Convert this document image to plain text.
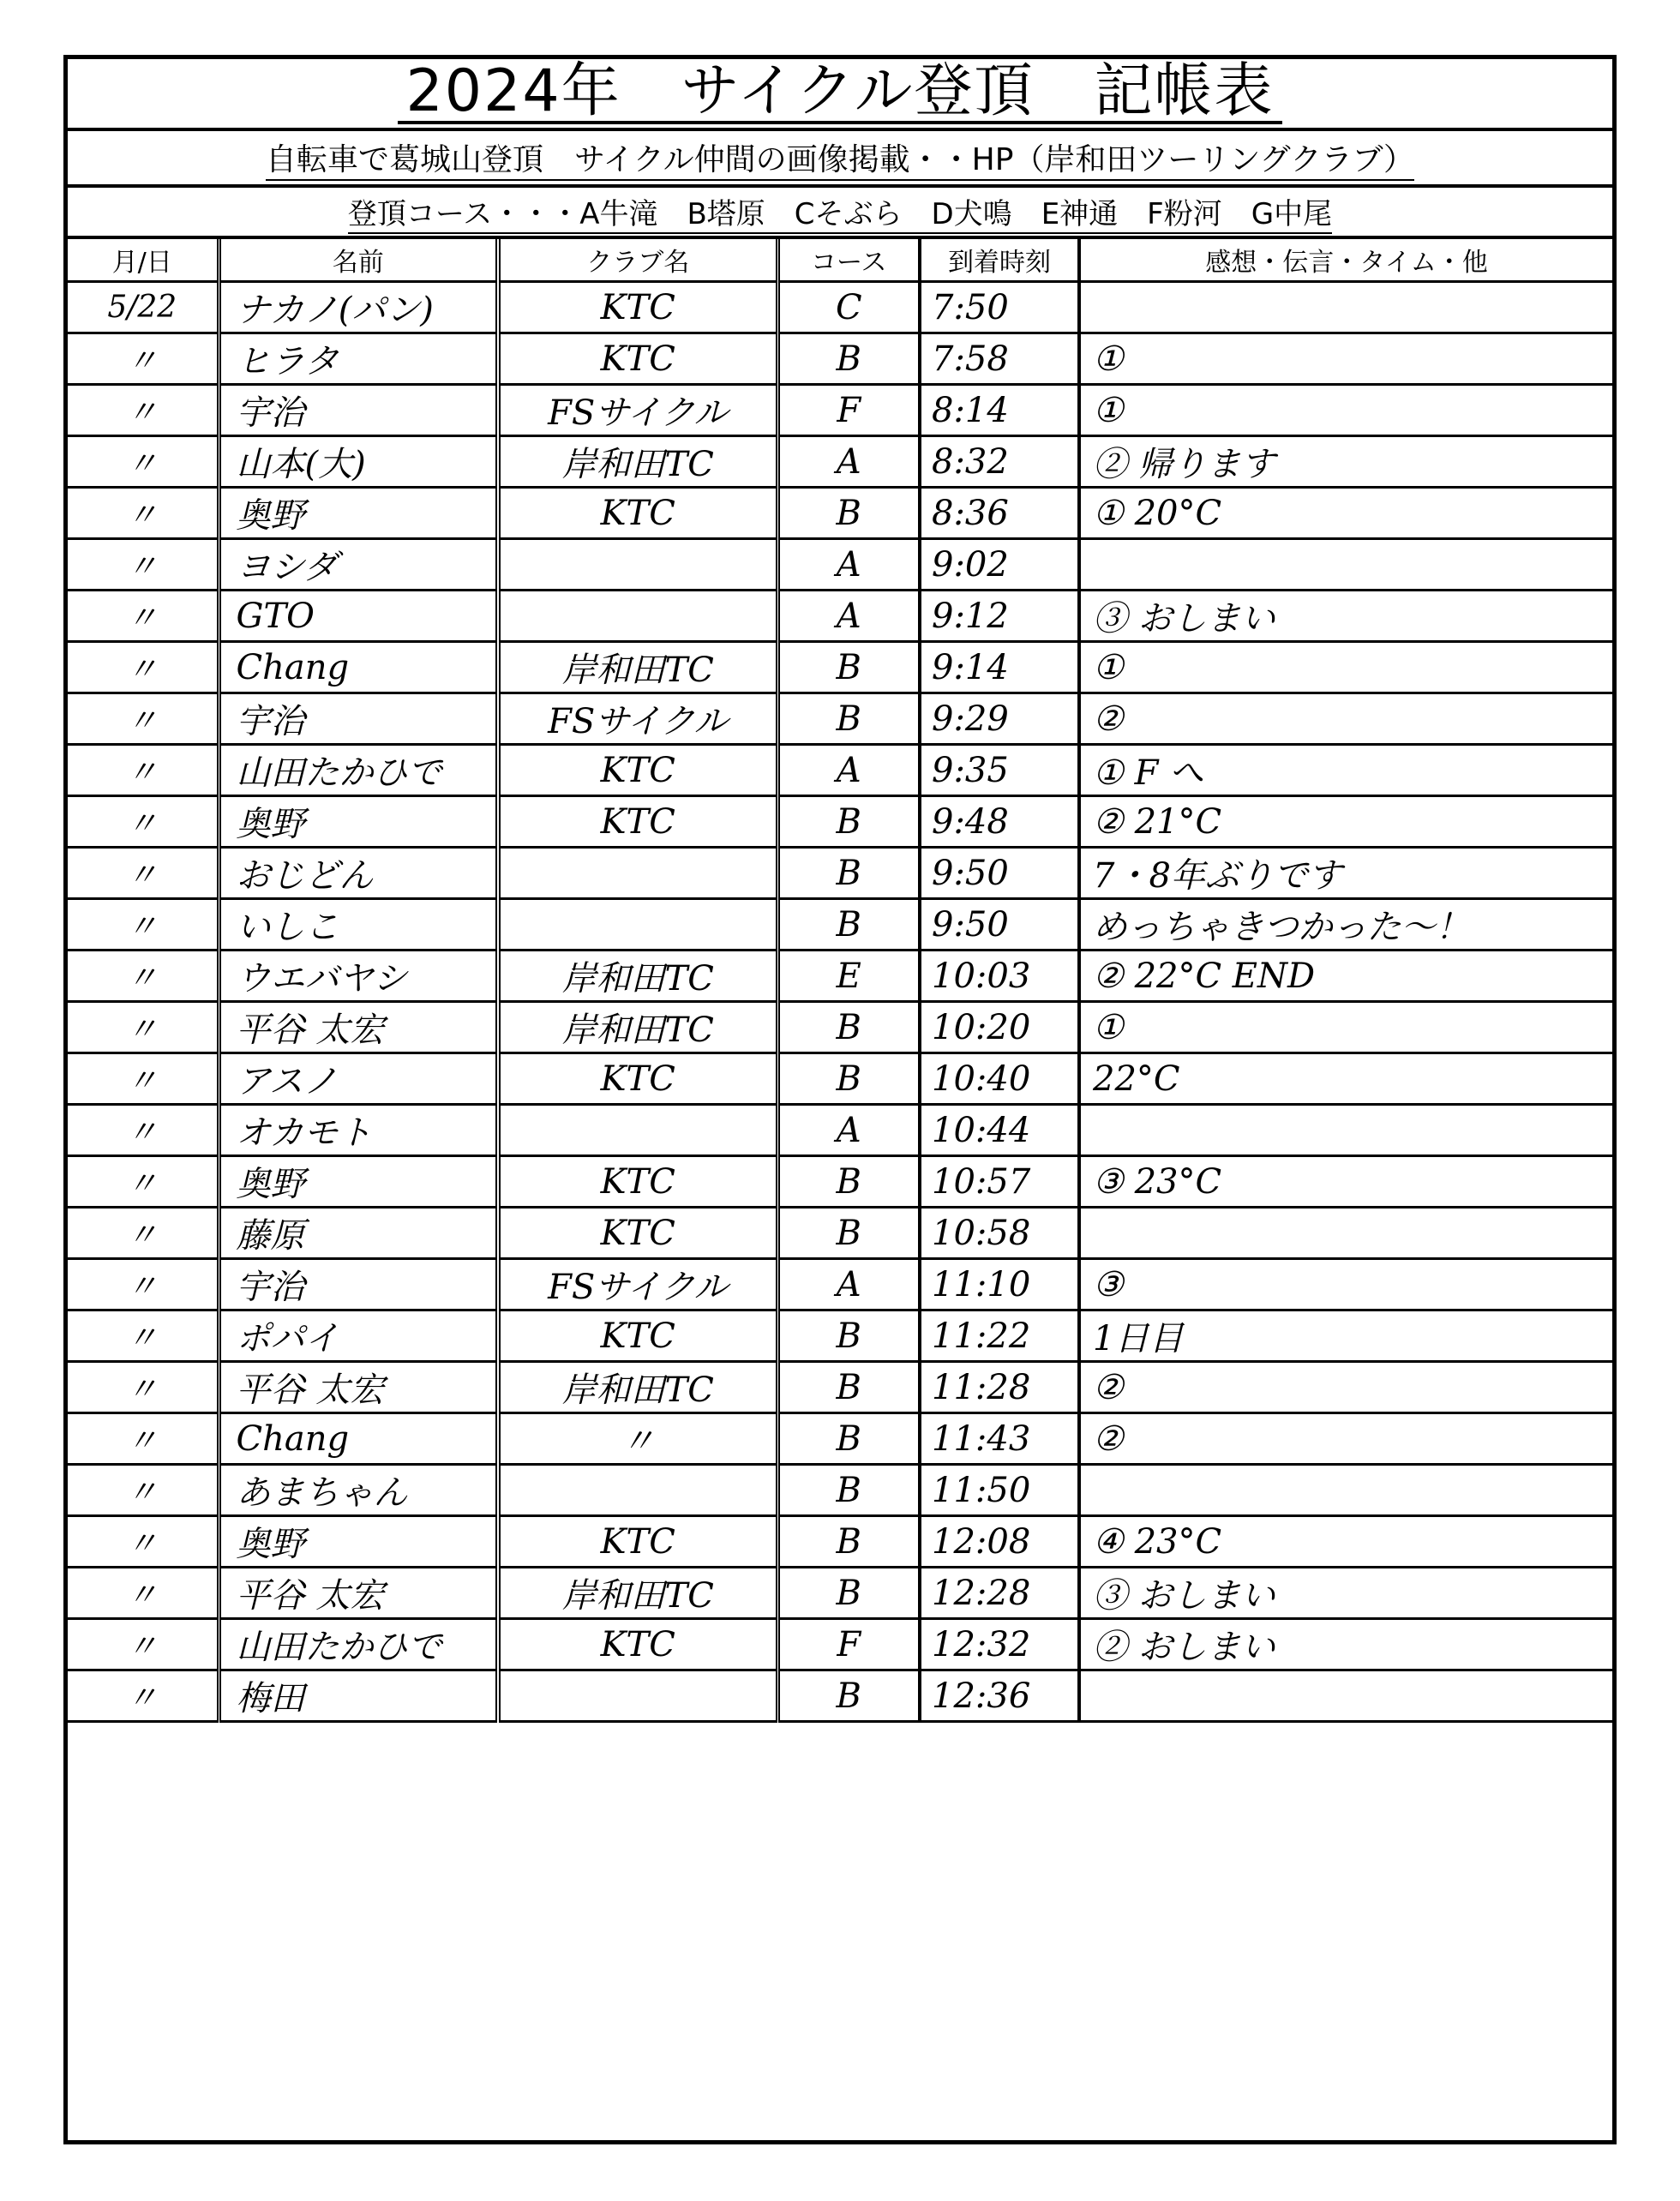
2024年　サイクル登頂　記帳表
自転車で葛城山登頂　サイクル仲間の画像掲載・・HP（岸和田ツーリングクラブ）
登頂コース・・・A牛滝　B塔原　Cそぶら　D犬鳴　E神通　F粉河　G中尾
月/日	名前	クラブ名	コース	到着時刻	感想・伝言・タイム・他
5/22	ナカノ(パン)	KTC	C	7:50	
〃	ヒラタ	KTC	B	7:58	①
〃	宇治	FSサイクル	F	8:14	①
〃	山本(大)	岸和田TC	A	8:32	② 帰ります
〃	奥野	KTC	B	8:36	① 20°C
〃	ヨシダ		A	9:02	
〃	GTO		A	9:12	③ おしまい
〃	Chang	岸和田TC	B	9:14	①
〃	宇治	FSサイクル	B	9:29	②
〃	山田たかひで	KTC	A	9:35	① F へ
〃	奥野	KTC	B	9:48	② 21°C
〃	おじどん		B	9:50	7・8年ぶりです
〃	いしこ		B	9:50	めっちゃきつかった〜！
〃	ウエバヤシ	岸和田TC	E	10:03	② 22°C END
〃	平谷 太宏	岸和田TC	B	10:20	①
〃	アスノ	KTC	B	10:40	22°C
〃	オカモト		A	10:44	
〃	奥野	KTC	B	10:57	③ 23°C
〃	藤原	KTC	B	10:58	
〃	宇治	FSサイクル	A	11:10	③
〃	ポパイ	KTC	B	11:22	1日目
〃	平谷 太宏	岸和田TC	B	11:28	②
〃	Chang	〃	B	11:43	②
〃	あまちゃん		B	11:50	
〃	奥野	KTC	B	12:08	④ 23°C
〃	平谷 太宏	岸和田TC	B	12:28	③ おしまい
〃	山田たかひで	KTC	F	12:32	② おしまい
〃	梅田		B	12:36	
